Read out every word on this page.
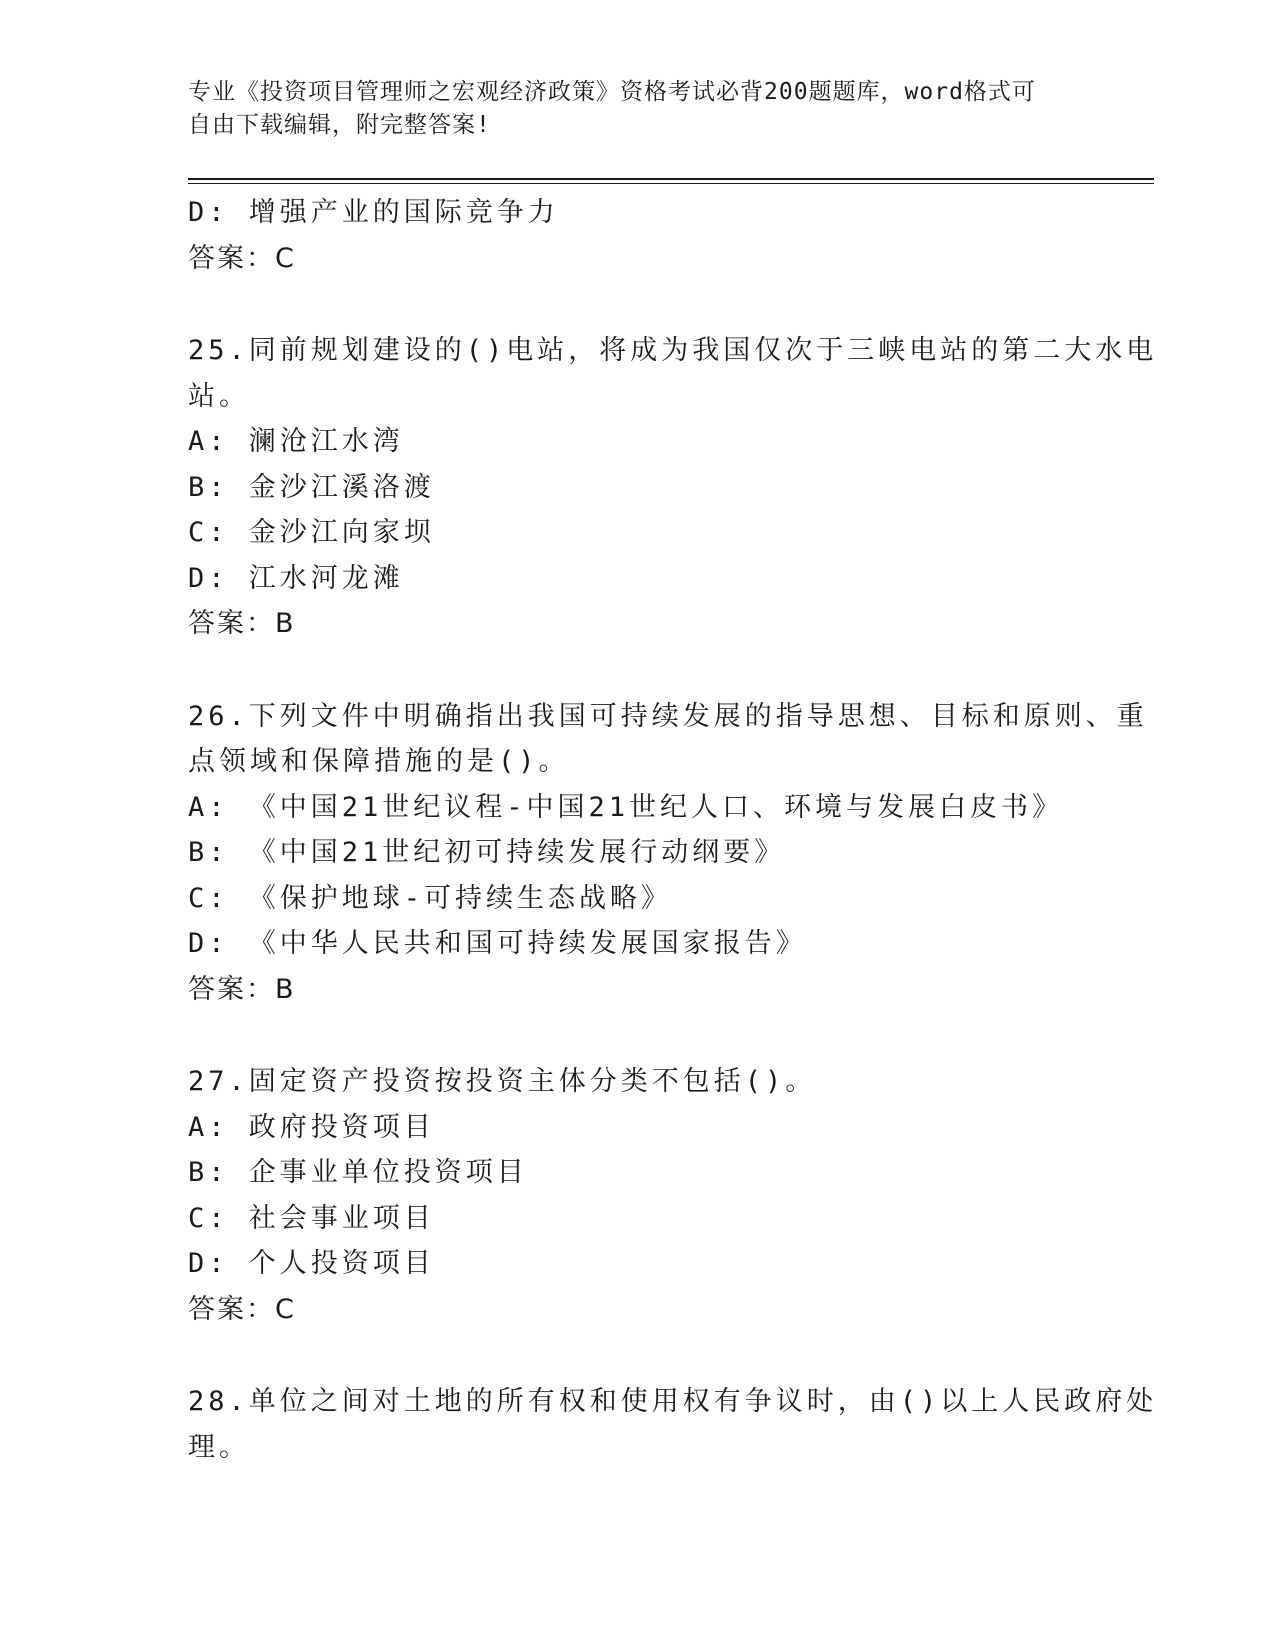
专业《投资项目管理师之宏观经济政策》资格考试必背200题题库，word格式可
自由下载编辑，附完整答案!
D: 增强产业的国际竞争力
答案：C
25.同前规划建设的()电站，将成为我国仅次于三峡电站的第二大水电
站。
A: 澜沧江水湾
B: 金沙江溪洛渡
C: 金沙江向家坝
D: 江水河龙滩
答案：B
26.下列文件中明确指出我国可持续发展的指导思想、目标和原则、重
点领域和保障措施的是()。
A: 《中国21世纪议程-中国21世纪人口、环境与发展白皮书》
B: 《中国21世纪初可持续发展行动纲要》
C: 《保护地球-可持续生态战略》
D: 《中华人民共和国可持续发展国家报告》
答案：B
27.固定资产投资按投资主体分类不包括()。
A: 政府投资项目
B: 企事业单位投资项目
C: 社会事业项目
D: 个人投资项目
答案：C
28.单位之间对土地的所有权和使用权有争议时，由()以上人民政府处
理。
